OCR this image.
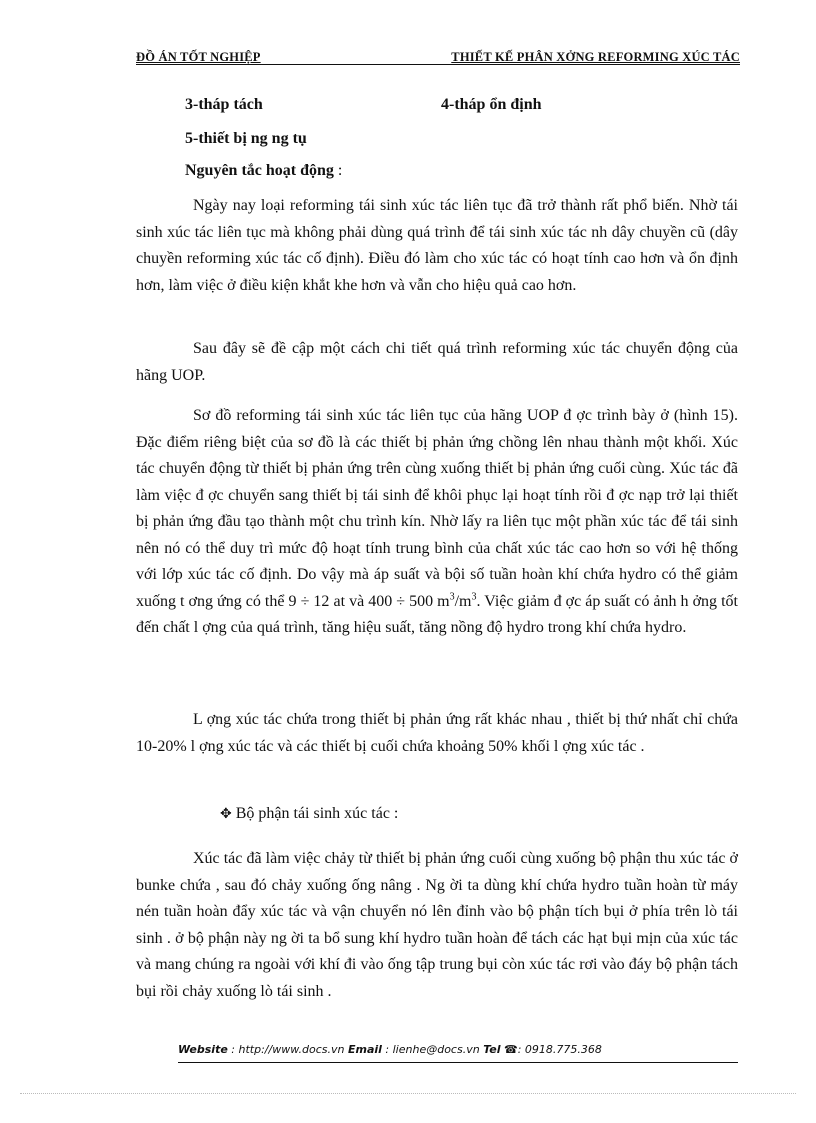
ĐỒ ÁN TỐT NGHIỆP	THIẾT KẾ PHÂN XỞNG REFORMING XÚC TÁC
3-tháp tách	4-tháp ổn định
5-thiết bị ng ng tụ
Nguyên tắc hoạt động :

Ngày nay loại reforming tái sinh xúc tác liên tục đã trở thành rất phổ biến. Nhờ tái sinh xúc tác liên tục mà không phải dùng quá trình để tái sinh xúc tác nh dây chuyền cũ (dây chuyền reforming xúc tác cố định). Điều đó làm cho xúc tác có hoạt tính cao hơn và ổn định hơn, làm việc ở điều kiện khắt khe hơn và vẫn cho hiệu quả cao hơn.

Sau đây sẽ đề cập một cách chi tiết quá trình reforming xúc tác chuyển động của hãng UOP.

Sơ đồ reforming tái sinh xúc tác liên tục của hãng UOP đ ợc trình bày ở (hình 15). Đặc điểm riêng biệt của sơ đồ là các thiết bị phản ứng chồng lên nhau thành một khối. Xúc tác chuyển động từ thiết bị phản ứng trên cùng xuống thiết bị phản ứng cuối cùng. Xúc tác đã làm việc đ ợc chuyển sang thiết bị tái sinh để khôi phục lại hoạt tính rồi đ ợc nạp trở lại thiết bị phản ứng đầu tạo thành một chu trình kín. Nhờ lấy ra liên tục một phần xúc tác để tái sinh nên nó có thể duy trì mức độ hoạt tính trung bình của chất xúc tác cao hơn so với hệ thống với lớp xúc tác cố định. Do vậy mà áp suất và bội số tuần hoàn khí chứa hydro có thể giảm xuống t ơng ứng có thể 9 ÷ 12 at và 400 ÷ 500 $m^3/m^3$. Việc giảm đ ợc áp suất có ảnh h ởng tốt đến chất l ợng của quá trình, tăng hiệu suất, tăng nồng độ hydro trong khí chứa hydro.

L ợng xúc tác chứa trong thiết bị phản ứng rất khác nhau , thiết bị thứ nhất chỉ chứa 10-20% l ợng xúc tác và các thiết bị cuối chứa khoảng 50% khối l ợng xúc tác .

✥ Bộ phận tái sinh xúc tác :

Xúc tác đã làm việc chảy từ thiết bị phản ứng cuối cùng xuống bộ phận thu xúc tác ở bunke chứa , sau đó chảy xuống ống nâng . Ng ời ta dùng khí chứa hydro tuần hoàn từ máy nén tuần hoàn đẩy xúc tác và vận chuyển nó lên đỉnh vào bộ phận tích bụi ở phía trên lò tái sinh . ở bộ phận này ng ời ta bổ sung khí hydro tuần hoàn để tách các hạt bụi mịn của xúc tác và mang chúng ra ngoài với khí đi vào ống tập trung bụi còn xúc tác rơi vào đáy bộ phận tách bụi rồi chảy xuống lò tái sinh .

Website : http://www.docs.vn Email : lienhe@docs.vn Tel ☎: 0918.775.368
